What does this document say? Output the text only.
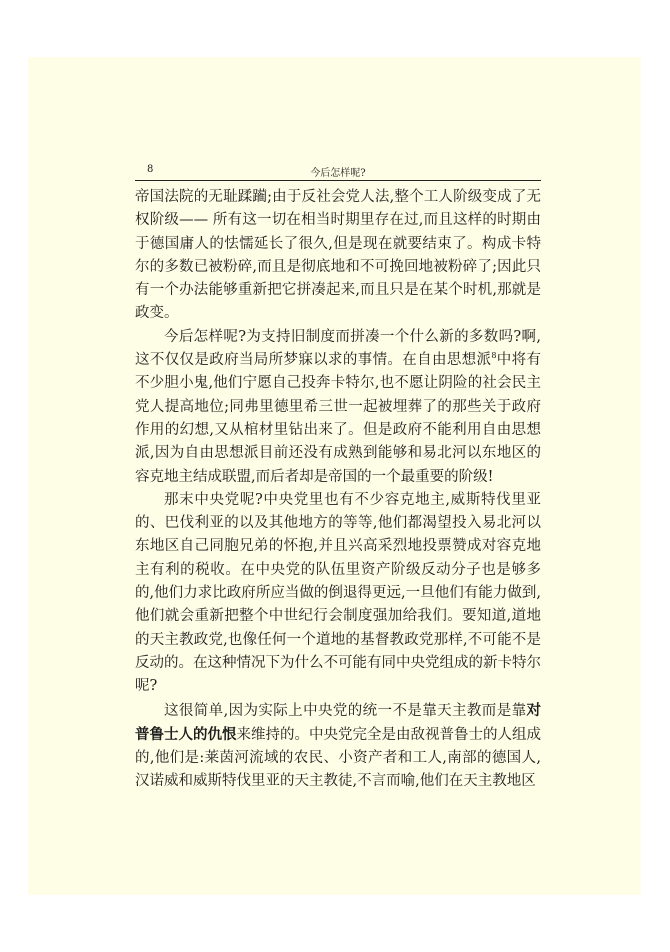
8	今后怎样呢?

帝国法院的无耻蹂躏;由于反社会党人法,整个工人阶级变成了无权阶级—— 所有这一切在相当时期里存在过,而且这样的时期由于德国庸人的怯懦延长了很久,但是现在就要结束了。构成卡特尔的多数已被粉碎,而且是彻底地和不可挽回地被粉碎了;因此只有一个办法能够重新把它拼凑起来,而且只是在某个时机,那就是政变。

今后怎样呢?为支持旧制度而拼凑一个什么新的多数吗?啊,这不仅仅是政府当局所梦寐以求的事情。在自由思想派$^8$中将有不少胆小鬼,他们宁愿自己投奔卡特尔,也不愿让阴险的社会民主党人提高地位;同弗里德里希三世一起被埋葬了的那些关于政府作用的幻想,又从棺材里钻出来了。但是政府不能利用自由思想派,因为自由思想派目前还没有成熟到能够和易北河以东地区的容克地主结成联盟,而后者却是帝国的一个最重要的阶级!

那末中央党呢?中央党里也有不少容克地主,威斯特伐里亚的、巴伐利亚的以及其他地方的等等,他们都渴望投入易北河以东地区自己同胞兄弟的怀抱,并且兴高采烈地投票赞成对容克地主有利的税收。在中央党的队伍里资产阶级反动分子也是够多的,他们力求比政府所应当做的倒退得更远,一旦他们有能力做到,他们就会重新把整个中世纪行会制度强加给我们。要知道,道地的天主教政党,也像任何一个道地的基督教政党那样,不可能不是反动的。在这种情况下为什么不可能有同中央党组成的新卡特尔呢?

这很简单,因为实际上中央党的统一不是靠天主教而是靠对普鲁士人的仇恨来维持的。中央党完全是由敌视普鲁士的人组成的,他们是:莱茵河流域的农民、小资产者和工人,南部的德国人,汉诺威和威斯特伐里亚的天主教徒,不言而喻,他们在天主教地区
